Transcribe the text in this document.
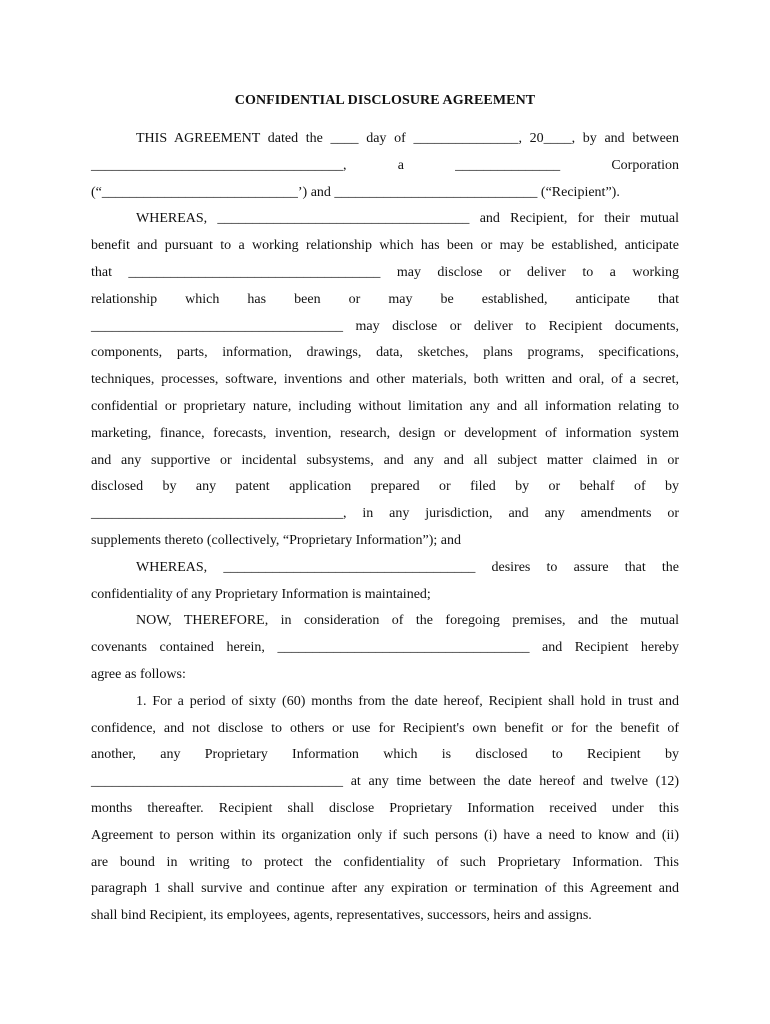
CONFIDENTIAL DISCLOSURE AGREEMENT
THIS AGREEMENT dated the ____ day of _______________, 20____, by and between
____________________________________, a _______________ Corporation
(“____________________________’) and _____________________________ (“Recipient”).
WHEREAS, ____________________________________ and Recipient, for their mutual
benefit and pursuant to a working relationship which has been or may be established, anticipate
that ____________________________________ may disclose or deliver to a working
relationship which has been or may be established, anticipate that
____________________________________ may disclose or deliver to Recipient documents,
components, parts, information, drawings, data, sketches, plans programs, specifications,
techniques, processes, software, inventions and other materials, both written and oral, of a secret,
confidential or proprietary nature, including without limitation any and all information relating to
marketing, finance, forecasts, invention, research, design or development of information system
and any supportive or incidental subsystems, and any and all subject matter claimed in or
disclosed by any patent application prepared or filed by or behalf of by
____________________________________, in any jurisdiction, and any amendments or
supplements thereto (collectively, “Proprietary Information”); and
WHEREAS, ____________________________________ desires to assure that the
confidentiality of any Proprietary Information is maintained;
NOW, THEREFORE, in consideration of the foregoing premises, and the mutual
covenants contained herein, ____________________________________ and Recipient hereby
agree as follows:
1. For a period of sixty (60) months from the date hereof, Recipient shall hold in trust and
confidence, and not disclose to others or use for Recipient's own benefit or for the benefit of
another, any Proprietary Information which is disclosed to Recipient by
____________________________________ at any time between the date hereof and twelve (12)
months thereafter. Recipient shall disclose Proprietary Information received under this
Agreement to person within its organization only if such persons (i) have a need to know and (ii)
are bound in writing to protect the confidentiality of such Proprietary Information. This
paragraph 1 shall survive and continue after any expiration or termination of this Agreement and
shall bind Recipient, its employees, agents, representatives, successors, heirs and assigns.
